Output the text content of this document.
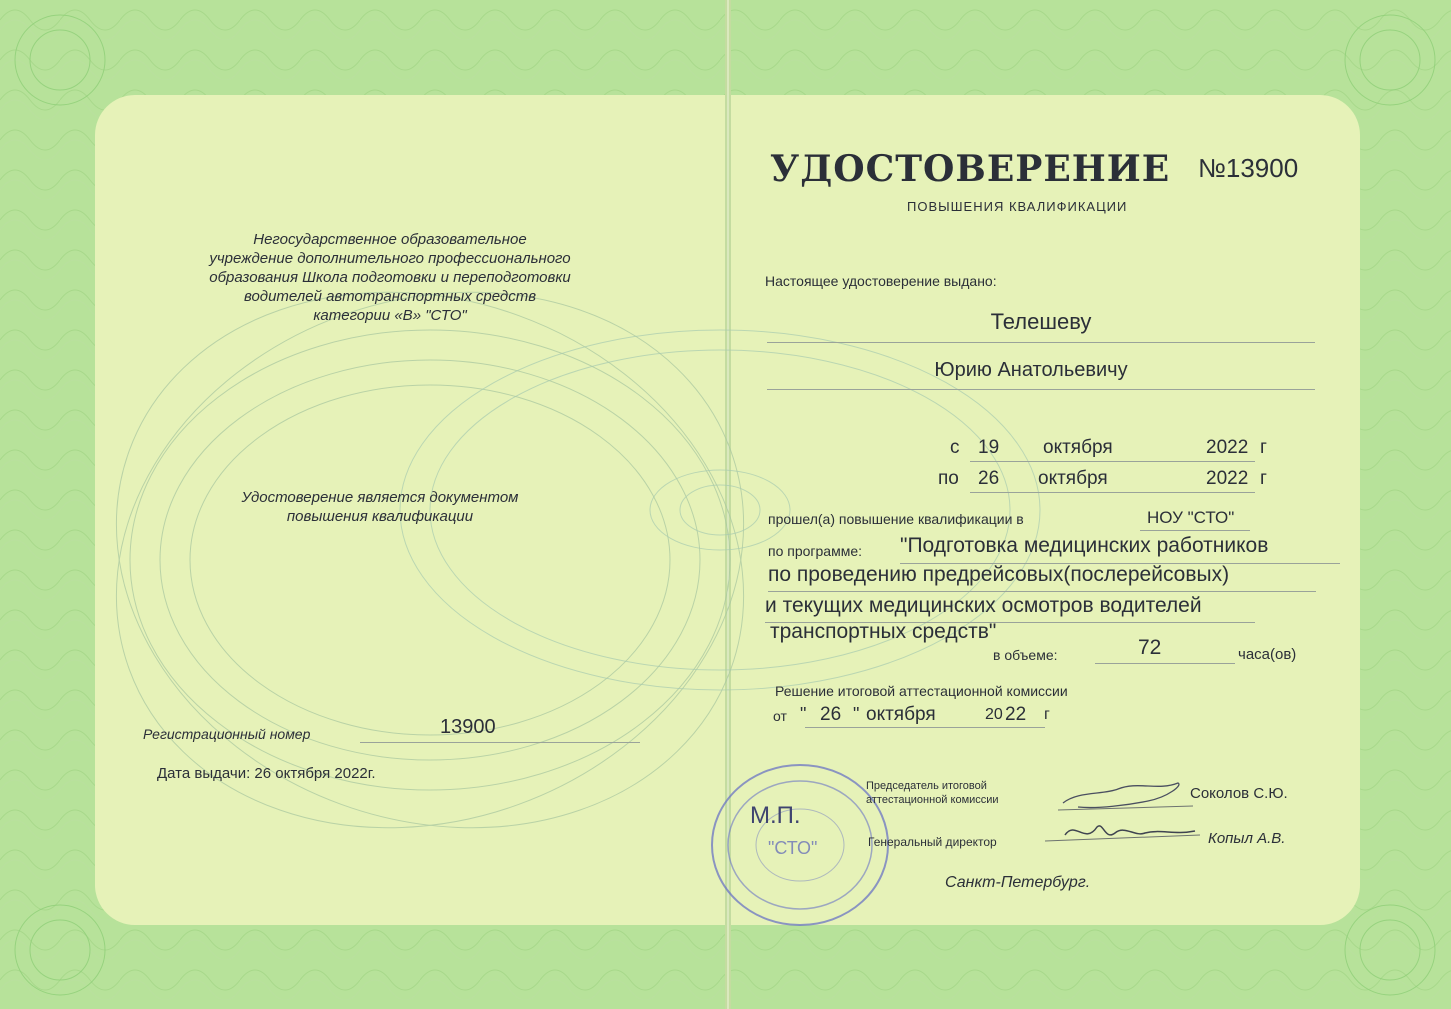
Негосударственное образовательное
учреждение дополнительного профессионального
образования Школа подготовки и переподготовки
водителей автотранспортных средств
категории «В» "СТО"
Удостоверение является документом
повышения квалификации
Регистрационный номер	13900
Дата выдачи: 26 октября 2022г.
УДОСТОВЕРЕНИЕ №13900
ПОВЫШЕНИЯ КВАЛИФИКАЦИИ
Настоящее удостоверение выдано:
Телешеву
Юрию Анатольевичу
с 19 октября	2022 г
по 26 октября	2022 г
прошел(а) повышение квалификации в	НОУ "СТО"
по программе: "Подготовка медицинских работников
по проведению предрейсовых(послерейсовых)
и текущих медицинских осмотров водителей
транспортных средств"
в объеме:	72	часа(ов)
Решение итоговой аттестационной комиссии
от " 26 " октября	20 22 г
М.П.
"СТО"
Председатель итоговой
аттестационной комиссии	Соколов С.Ю.
Генеральный директор	Копыл А.В.
Санкт-Петербург.
